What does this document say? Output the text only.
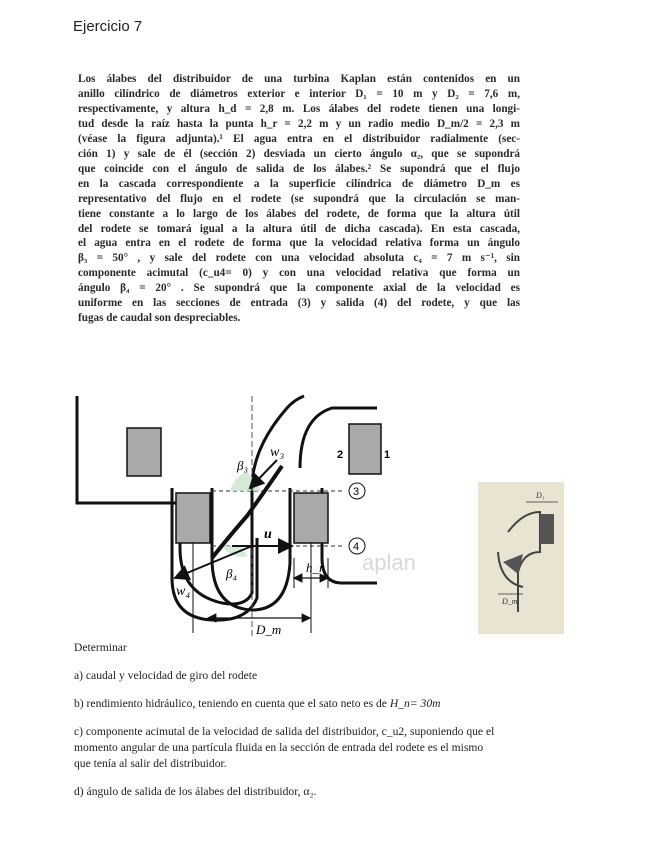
Ejercicio 7
Los álabes del distribuidor de una turbina Kaplan están contenidos en un
anillo cilíndrico de diámetros exterior e interior D₁ = 10 m y D₂ = 7,6 m,
respectivamente, y altura h_d = 2,8 m. Los álabes del rodete tienen una longi-
tud desde la raíz hasta la punta h_r = 2,2 m y un radio medio D_m/2 = 2,3 m
(véase la figura adjunta).¹ El agua entra en el distribuidor radialmente (sec-
ción 1) y sale de él (sección 2) desviada un cierto ángulo α₂, que se supondrá
que coincide con el ángulo de salida de los álabes.² Se supondrá que el flujo
en la cascada correspondiente a la superficie cilíndrica de diámetro D_m es
representativo del flujo en el rodete (se supondrá que la circulación se man-
tiene constante a lo largo de los álabes del rodete, de forma que la altura útil
del rodete se tomará igual a la altura útil de dicha cascada). En esta cascada,
el agua entra en el rodete de forma que la velocidad relativa forma un ángulo
β₃ = 50° , y sale del rodete con una velocidad absoluta c₄ = 7 m s⁻¹, sin
componente acimutal (c_u4= 0) y con una velocidad relativa que forma un
ángulo β₄ = 20° . Se supondrá que la componente axial de la velocidad es
uniforme en las secciones de entrada (3) y salida (4) del rodete, y que las
fugas de caudal son despreciables.
w₃
β₃
u
β₄
w₄
h_r
D_m
2	1
3
4
aplan
D₁
D_m
Determinar
a) caudal y velocidad de giro del rodete
b) rendimiento hidráulico, teniendo en cuenta que el sato neto es de H_n= 30m
c) componente acimutal de la velocidad de salida del distribuidor, c_u2, suponiendo que el
momento angular de una partícula fluida en la sección de entrada del rodete es el mismo
que tenía al salir del distribuidor.
d) ángulo de salida de los álabes del distribuidor, α₂.
